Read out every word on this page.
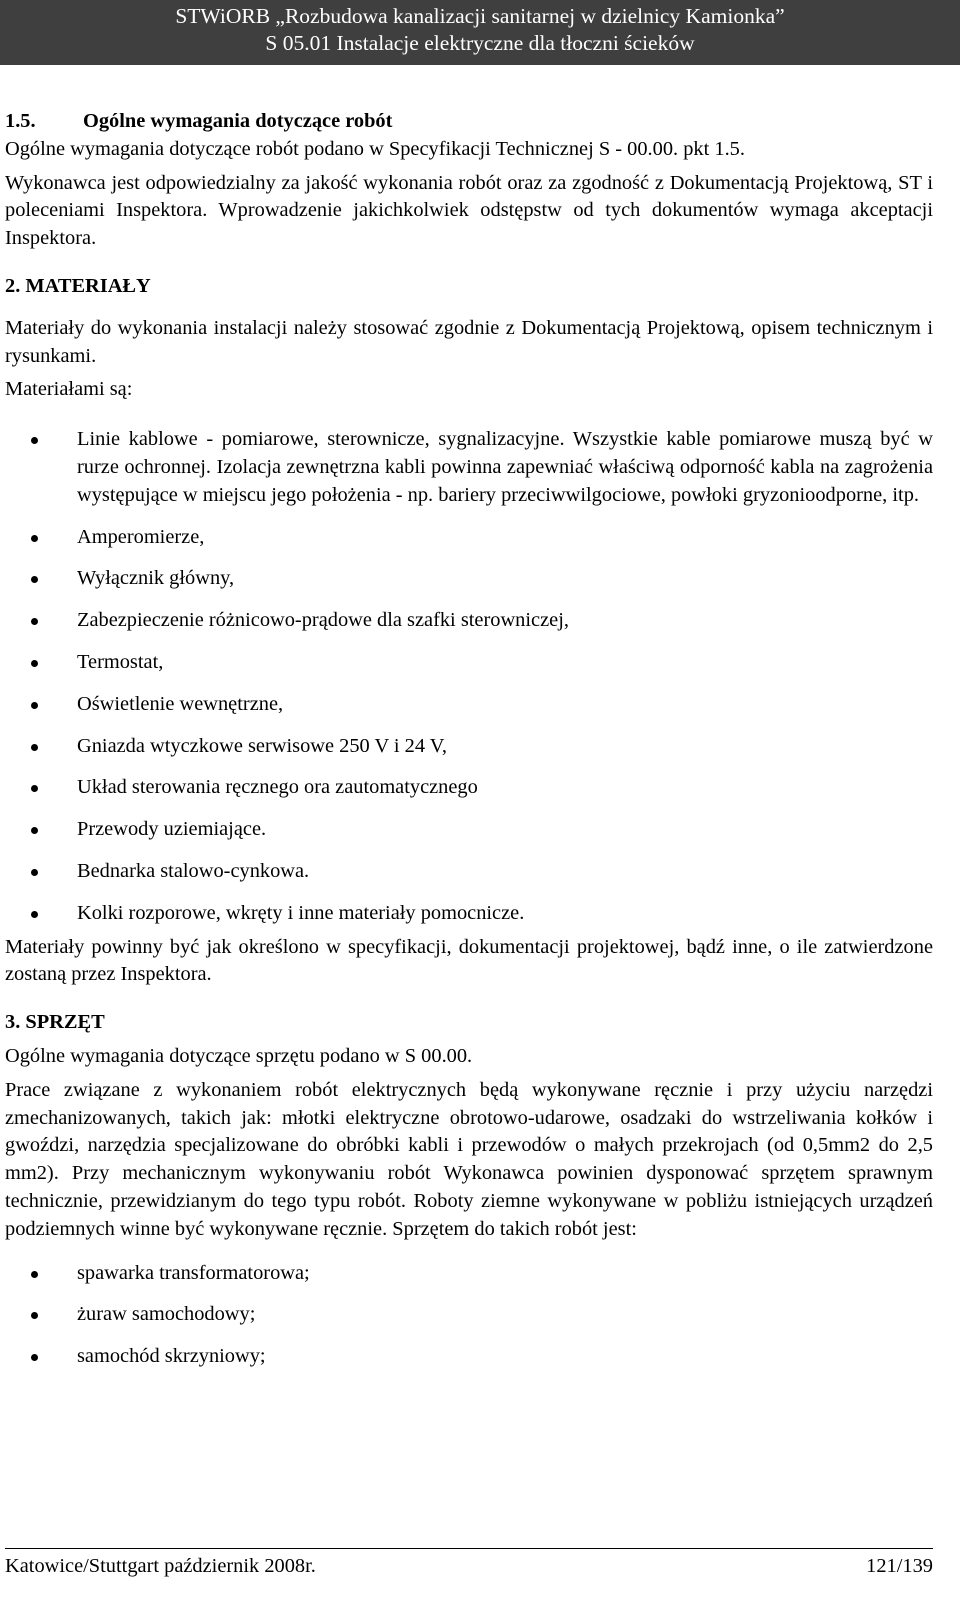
STWiORB „Rozbudowa kanalizacji sanitarnej w dzielnicy Kamionka”
S 05.01 Instalacje elektryczne dla tłoczni ścieków

1.5. Ogólne wymagania dotyczące robót

Ogólne wymagania dotyczące robót podano w Specyfikacji Technicznej S - 00.00. pkt 1.5.

Wykonawca jest odpowiedzialny za jakość wykonania robót oraz za zgodność z Dokumentacją Projektową, ST i poleceniami Inspektora. Wprowadzenie jakichkolwiek odstępstw od tych dokumentów wymaga akceptacji Inspektora.

2. MATERIAŁY

Materiały do wykonania instalacji należy stosować zgodnie z Dokumentacją Projektową, opisem technicznym i rysunkami.

Materiałami są:

Linie kablowe - pomiarowe, sterownicze, sygnalizacyjne. Wszystkie kable pomiarowe muszą być w rurze ochronnej. Izolacja zewnętrzna kabli powinna zapewniać właściwą odporność kabla na zagrożenia występujące w miejscu jego położenia - np. bariery przeciwwilgociowe, powłoki gryzonioodporne, itp.
Amperomierze,
Wyłącznik główny,
Zabezpieczenie różnicowo-prądowe dla szafki sterowniczej,
Termostat,
Oświetlenie wewnętrzne,
Gniazda wtyczkowe serwisowe 250 V i 24 V,
Układ sterowania ręcznego ora zautomatycznego
Przewody uziemiające.
Bednarka stalowo-cynkowa.
Kolki rozporowe, wkręty i inne materiały pomocnicze.

Materiały powinny być jak określono w specyfikacji, dokumentacji projektowej, bądź inne, o ile zatwierdzone zostaną przez Inspektora.

3. SPRZĘT

Ogólne wymagania dotyczące sprzętu podano w S 00.00.

Prace związane z wykonaniem robót elektrycznych będą wykonywane ręcznie i przy użyciu narzędzi zmechanizowanych, takich jak: młotki elektryczne obrotowo-udarowe, osadzaki do wstrzeliwania kołków i gwoździ, narzędzia specjalizowane do obróbki kabli i przewodów o małych przekrojach (od 0,5mm2 do 2,5 mm2). Przy mechanicznym wykonywaniu robót Wykonawca powinien dysponować sprzętem sprawnym technicznie, przewidzianym do tego typu robót. Roboty ziemne wykonywane w pobliżu istniejących urządzeń podziemnych winne być wykonywane ręcznie. Sprzętem do takich robót jest:

spawarka transformatorowa;
żuraw samochodowy;
samochód skrzyniowy;
Katowice/Stuttgart październik 2008r.	121/139
